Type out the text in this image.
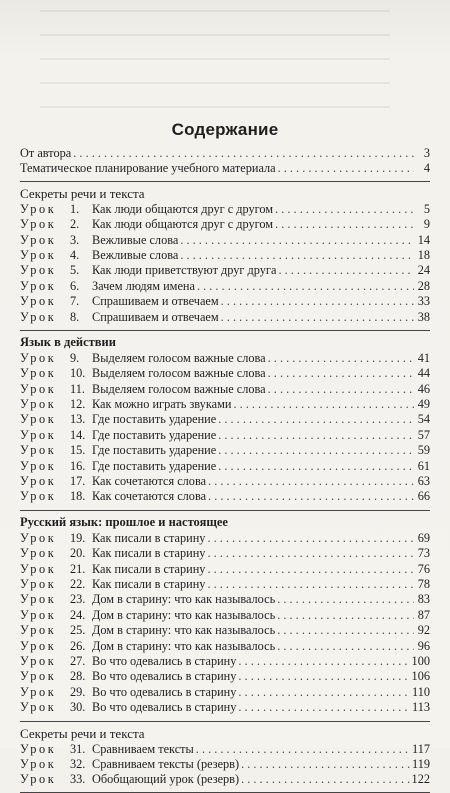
Содержание
От автора . . .	3
Тематическое планирование учебного материала . . .	4
Секреты речи и текста
Урок 1. Как люди общаются друг с другом . . .	5
Урок 2. Как люди общаются друг с другом . . .	9
Урок 3. Вежливые слова . . .	14
Урок 4. Вежливые слова . . .	18
Урок 5. Как люди приветствуют друг друга . . .	24
Урок 6. Зачем людям имена . . .	28
Урок 7. Спрашиваем и отвечаем . . .	33
Урок 8. Спрашиваем и отвечаем . . .	38
Язык в действии
Урок 9. Выделяем голосом важные слова . . .	41
Урок 10. Выделяем голосом важные слова . . .	44
Урок 11. Выделяем голосом важные слова . . .	46
Урок 12. Как можно играть звуками . . .	49
Урок 13. Где поставить ударение . . .	54
Урок 14. Где поставить ударение . . .	57
Урок 15. Где поставить ударение . . .	59
Урок 16. Где поставить ударение . . .	61
Урок 17. Как сочетаются слова . . .	63
Урок 18. Как сочетаются слова . . .	66
Русский язык: прошлое и настоящее
Урок 19. Как писали в старину . . .	69
Урок 20. Как писали в старину . . .	73
Урок 21. Как писали в старину . . .	76
Урок 22. Как писали в старину . . .	78
Урок 23. Дом в старину: что как называлось . . .	83
Урок 24. Дом в старину: что как называлось . . .	87
Урок 25. Дом в старину: что как называлось . . .	92
Урок 26. Дом в старину: что как называлось . . .	96
Урок 27. Во что одевались в старину . . .	100
Урок 28. Во что одевались в старину . . .	106
Урок 29. Во что одевались в старину . . .	110
Урок 30. Во что одевались в старину . . .	113
Секреты речи и текста
Урок 31. Сравниваем тексты . . .	117
Урок 32. Сравниваем тексты (резерв) . . .	119
Урок 33. Обобщающий урок (резерв) . . .	122
